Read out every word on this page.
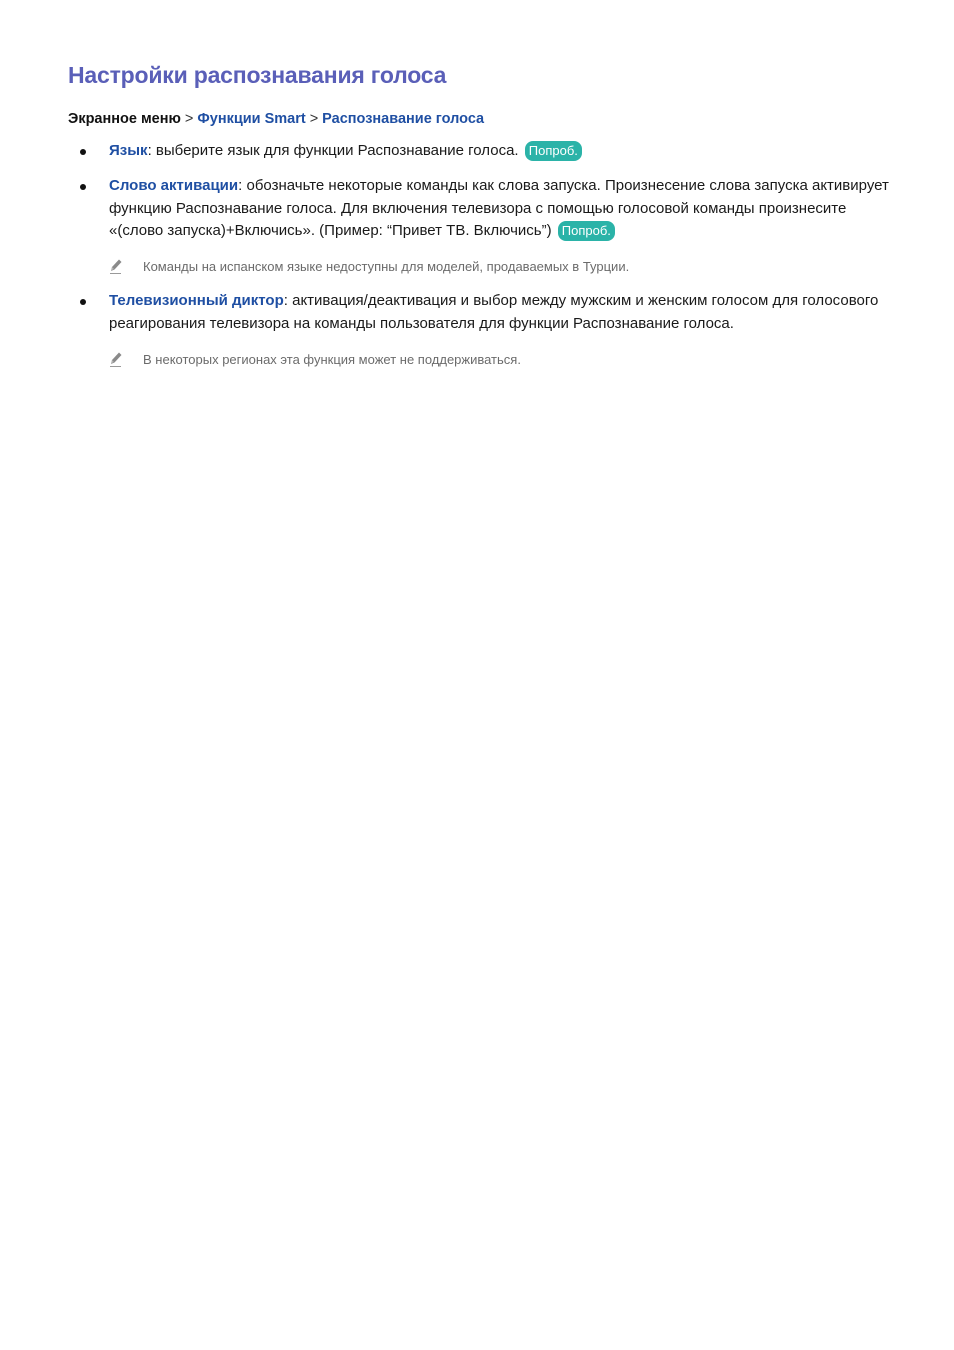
Настройки распознавания голоса
Экранное меню > Функции Smart > Распознавание голоса
Язык: выберите язык для функции Распознавание голоса. Попроб.
Слово активации: обозначьте некоторые команды как слова запуска. Произнесение слова запуска активирует функцию Распознавание голоса. Для включения телевизора с помощью голосовой команды произнесите «(слово запуска)+Включись». (Пример: “Привет ТВ. Включись”) Попроб.
Команды на испанском языке недоступны для моделей, продаваемых в Турции.
Телевизионный диктор: активация/деактивация и выбор между мужским и женским голосом для голосового реагирования телевизора на команды пользователя для функции Распознавание голоса.
В некоторых регионах эта функция может не поддерживаться.
